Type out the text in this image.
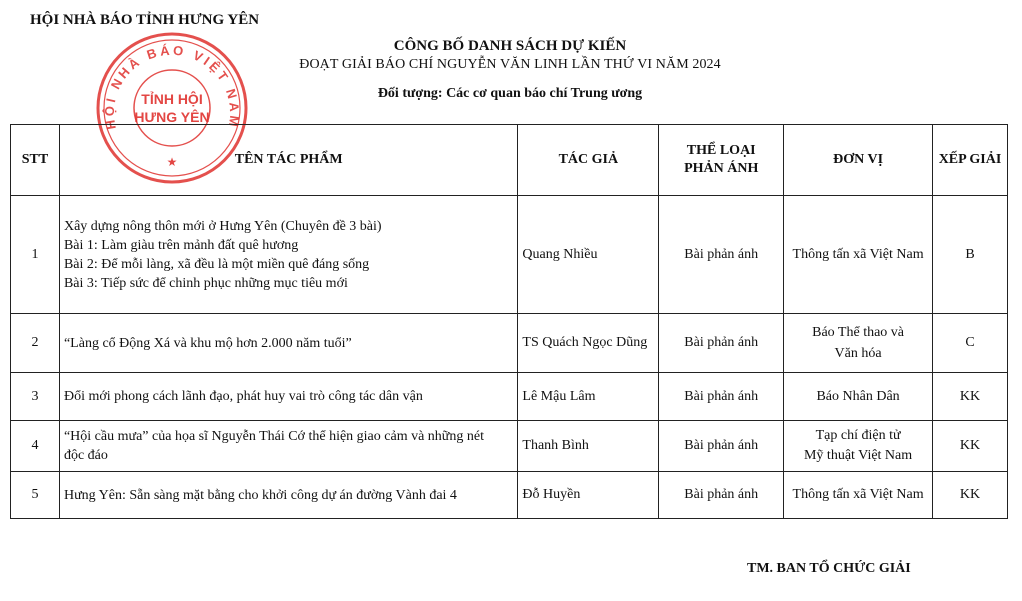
HỘI NHÀ BÁO TỈNH HƯNG YÊN
HỘI NHÀ BÁO VIỆT NAM
TỈNH HỘI
HƯNG YÊN
★
CÔNG BỐ DANH SÁCH DỰ KIẾN
ĐOẠT GIẢI BÁO CHÍ NGUYỄN VĂN LINH LẦN THỨ VI NĂM 2024
Đối tượng: Các cơ quan báo chí Trung ương
STT	TÊN TÁC PHẨM	TÁC GIẢ	THỂ LOẠI
PHẢN ÁNH	ĐƠN VỊ	XẾP GIẢI
1	Xây dựng nông thôn mới ở Hưng Yên (Chuyên đề 3 bài)
Bài 1: Làm giàu trên mảnh đất quê hương
Bài 2: Để mỗi làng, xã đều là một miền quê đáng sống
Bài 3: Tiếp sức để chinh phục những mục tiêu mới	Quang Nhiều	Bài phản ánh	Thông tấn xã Việt Nam	B
2	“Làng cổ Động Xá và khu mộ hơn 2.000 năm tuổi”	TS Quách Ngọc Dũng	Bài phản ánh	Báo Thể thao và
Văn hóa	C
3	Đổi mới phong cách lãnh đạo, phát huy vai trò công tác dân vận	Lê Mậu Lâm	Bài phản ánh	Báo Nhân Dân	KK
4	“Hội cầu mưa” của họa sĩ Nguyễn Thái Cớ thể hiện giao cảm và những nét
độc đáo	Thanh Bình	Bài phản ánh	Tạp chí điện tử
Mỹ thuật Việt Nam	KK
5	Hưng Yên: Sẵn sàng mặt bằng cho khởi công dự án đường Vành đai 4	Đỗ Huyền	Bài phản ánh	Thông tấn xã Việt Nam	KK
TM. BAN TỔ CHỨC GIẢI
